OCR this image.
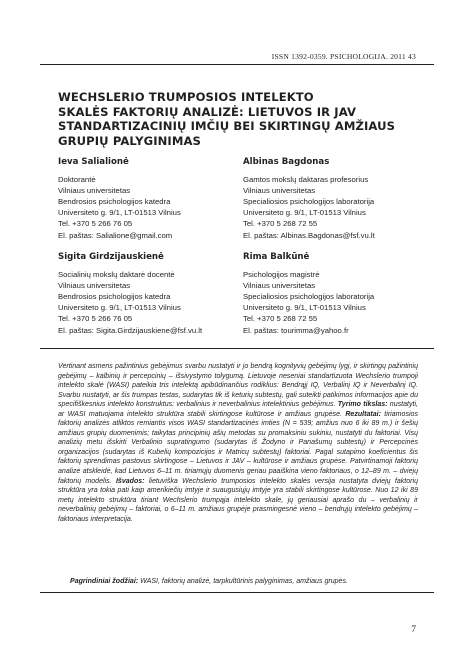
ISSN 1392-0359. PSICHOLOGIJA. 2011 43
WECHSLERIO TRUMPOSIOS INTELEKTO
SKALĖS FAKTORIŲ ANALIZĖ: LIETUVOS IR JAV
STANDARTIZACINIŲ IMČIŲ BEI SKIRTINGŲ AMŽIAUS
GRUPIŲ PALYGINIMAS
Ieva Salialionė
Doktorantė
Vilniaus universitetas
Bendrosios psichologijos katedra
Universiteto g. 9/1, LT-01513 Vilnius
Tel. +370 5 266 76 05
El. paštas: Salialione@gmail.com
Albinas Bagdonas
Gamtos mokslų daktaras profesorius
Vilniaus universitetas
Specialiosios psichologijos laboratorija
Universiteto g. 9/1, LT-01513 Vilnius
Tel. +370 5 268 72 55
El. paštas: Albinas.Bagdonas@fsf.vu.lt
Sigita Girdzijauskienė
Socialinių mokslų daktarė docentė
Vilniaus universitetas
Bendrosios psichologijos katedra
Universiteto g. 9/1, LT-01513 Vilnius
Tel. +370 5 266 76 05
El. paštas: Sigita.Girdzijauskiene@fsf.vu.lt
Rima Balkūnė
Psichologijos magistrė
Vilniaus universitetas
Specialiosios psichologijos laboratorija
Universiteto g. 9/1, LT-01513 Vilnius
Tel. +370 5 268 72 55
El. paštas: tourimma@yahoo.fr

Vertinant asmens pažintinius gebėjimus svarbu nustatyti ir jo bendrą kognityvių gebėjimų lygį, ir skirtingų pažintinių gebėjimų – kalbinių ir percepcinių – išsivystymo tolygumą. Lietuvoje neseniai standartizuota Wechslerio trumpoji intelekto skalė (WASI) pateikia tris intelektą apibūdinančius rodiklius: Bendrąjį IQ, Verbalinį IQ ir Neverbalinį IQ. Svarbu nustatyti, ar šis trumpas testas, sudarytas tik iš keturių subtestų, gali suteikti patikimos informacijos apie du specifiškesnius intelekto konstruktus: verbalinius ir neverbalinius intelektinius gebėjimus. Tyrimo tikslas: nustatyti, ar WASI matuojama intelekto struktūra stabili skirtingose kultūrose ir amžiaus grupėse. Rezultatai: tiriamosios faktorių analizės atliktos remiantis visos WASI standartizacinės imties (N = 539; amžius nuo 6 iki 89 m.) ir šešių amžiaus grupių duomenimis; taikytas principinių ašių metodas su promaksiniu sukiniu, nustatyti du faktoriai. Visų analizių metu išskirti Verbalinio supratingumo (sudarytas iš Žodyno ir Panašumų subtestų) ir Percepcinės organizacijos (sudarytas iš Kubelių kompozicijos ir Matricų subtestų) faktoriai. Pagal sutapimo koeficientus šis faktorių sprendimas pastovus skirtingose – Lietuvos ir JAV – kultūrose ir amžiaus grupėse. Patvirtinamoji faktorių analizė atskleidė, kad Lietuvos 6–11 m. tiriamųjų duomenis geriau paaiškina vieno faktoriaus, o 12–89 m. – dviejų faktorių modelis. Išvados: lietuviška Wechslerio trumposios intelekto skalės versija nustatyta dviejų faktorių struktūra yra tokia pati kaip amerikiečių imtyje ir suaugusiųjų imtyje yra stabili skirtingose kultūrose. Nuo 12 iki 89 metų intelekto struktūra tiriant Wechslerio trumpąja intelekto skale, jų geriausiai aprašo du – verbalinių ir neverbalinių gebėjimų – faktoriai, o 6–11 m. amžiaus grupėje prasmingesnė vieno – bendrųjų intelekto gebėjimų – faktoriaus interpretacija.

Pagrindiniai žodžiai: WASI, faktorių analizė, tarpkultūrinis palyginimas, amžiaus grupės.
7
